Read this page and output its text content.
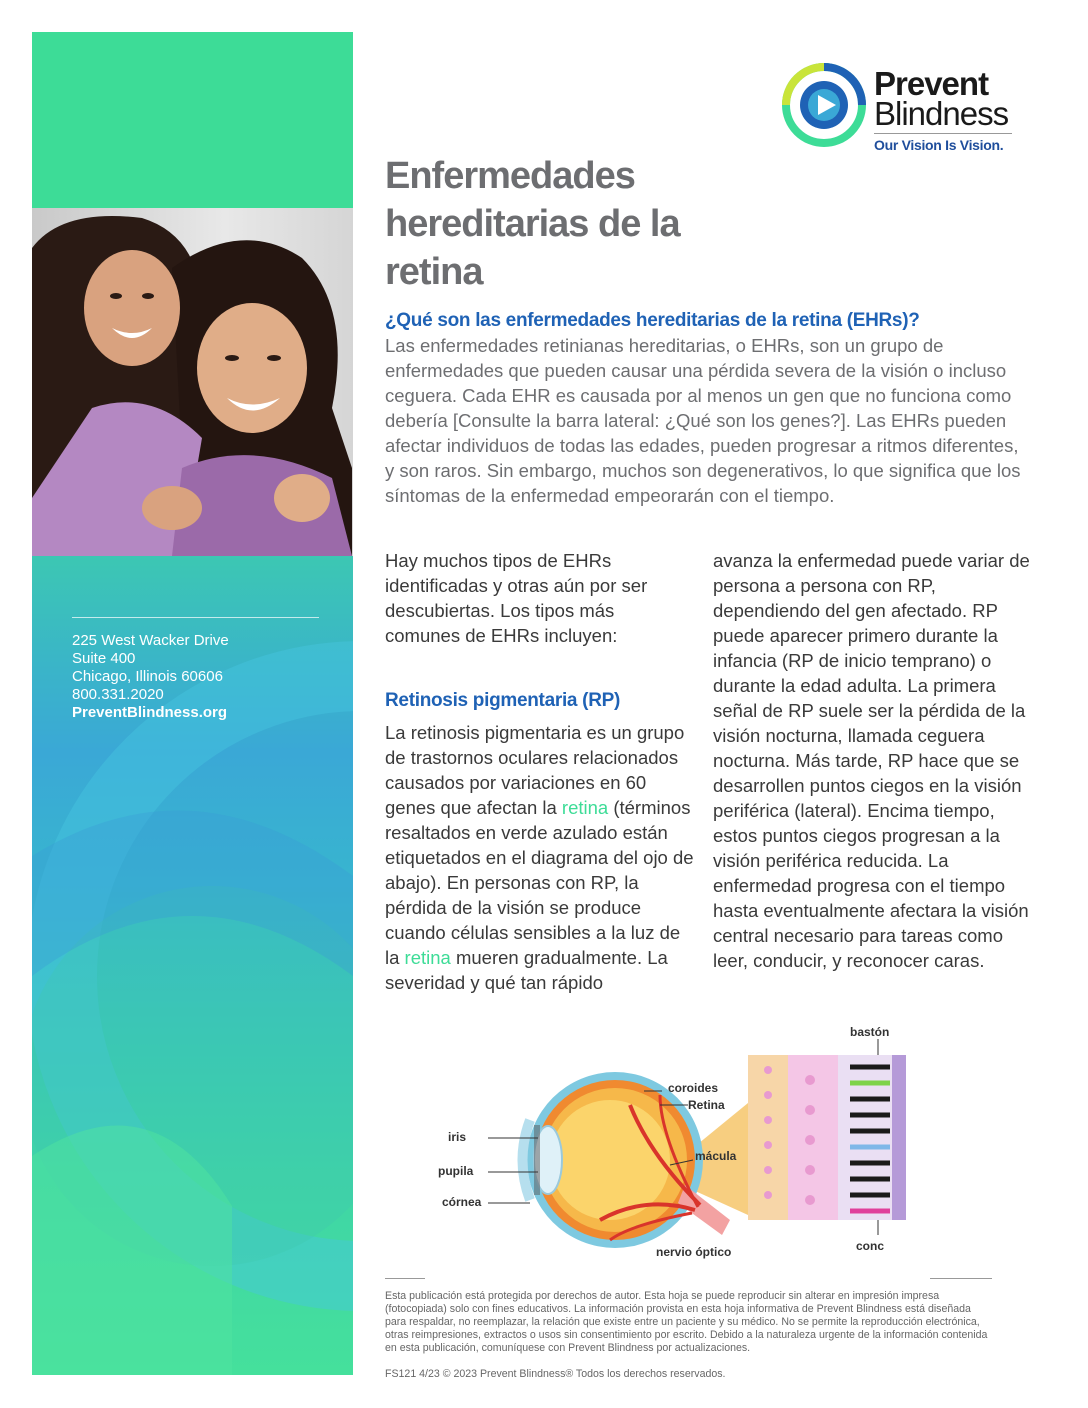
225 West Wacker Drive
Suite 400
Chicago, Illinois 60606
800.331.2020
PreventBlindness.org
Prevent
Blindness
Our Vision Is Vision.
Enfermedades hereditarias de la retina
¿Qué son las enfermedades hereditarias de la retina (EHRs)?

Las enfermedades retinianas hereditarias, o EHRs, son un grupo de enfermedades que pueden causar una pérdida severa de la visión o incluso ceguera. Cada EHR es causada por al menos un gen que no funciona como debería [Consulte la barra lateral: ¿Qué son los genes?]. Las EHRs pueden afectar individuos de todas las edades, pueden progresar a ritmos diferentes, y son raros. Sin embargo, muchos son degenerativos, lo que significa que los síntomas de la enfermedad empeorarán con el tiempo.

Hay muchos tipos de EHRs identificadas y otras aún por ser descubiertas. Los tipos más comunes de EHRs incluyen:

Retinosis pigmentaria (RP)

La retinosis pigmentaria es un grupo de trastornos oculares relacionados causados por variaciones en 60 genes que afectan la retina (términos resaltados en verde azulado están etiquetados en el diagrama del ojo de abajo). En personas con RP, la pérdida de la visión se produce cuando células sensibles a la luz de la retina mueren gradualmente. La severidad y qué tan rápido

avanza la enfermedad puede variar de persona a persona con RP, dependiendo del gen afectado. RP puede aparecer primero durante la infancia (RP de inicio temprano) o durante la edad adulta. La primera señal de RP suele ser la pérdida de la visión nocturna, llamada ceguera nocturna. Más tarde, RP hace que se desarrollen puntos ciegos en la visión periférica (lateral). Encima tiempo, estos puntos ciegos progresan a la visión periférica reducida. La enfermedad progresa con el tiempo hasta eventualmente afectara la visión central necesario para tareas como leer, conducir, y reconocer caras.

iris
pupila
córnea
coroides
Retina
mácula
nervio óptico
bastón
conc

Esta publicación está protegida por derechos de autor. Esta hoja se puede reproducir sin alterar en impresión impresa (fotocopiada) solo con fines educativos. La información provista en esta hoja informativa de Prevent Blindness está diseñada para respaldar, no reemplazar, la relación que existe entre un paciente y su médico. No se permite la reproducción electrónica, otras reimpresiones, extractos o usos sin consentimiento por escrito. Debido a la naturaleza urgente de la información contenida en esta publicación, comuníquese con Prevent Blindness por actualizaciones.

FS121 4/23 © 2023 Prevent Blindness® Todos los derechos reservados.
